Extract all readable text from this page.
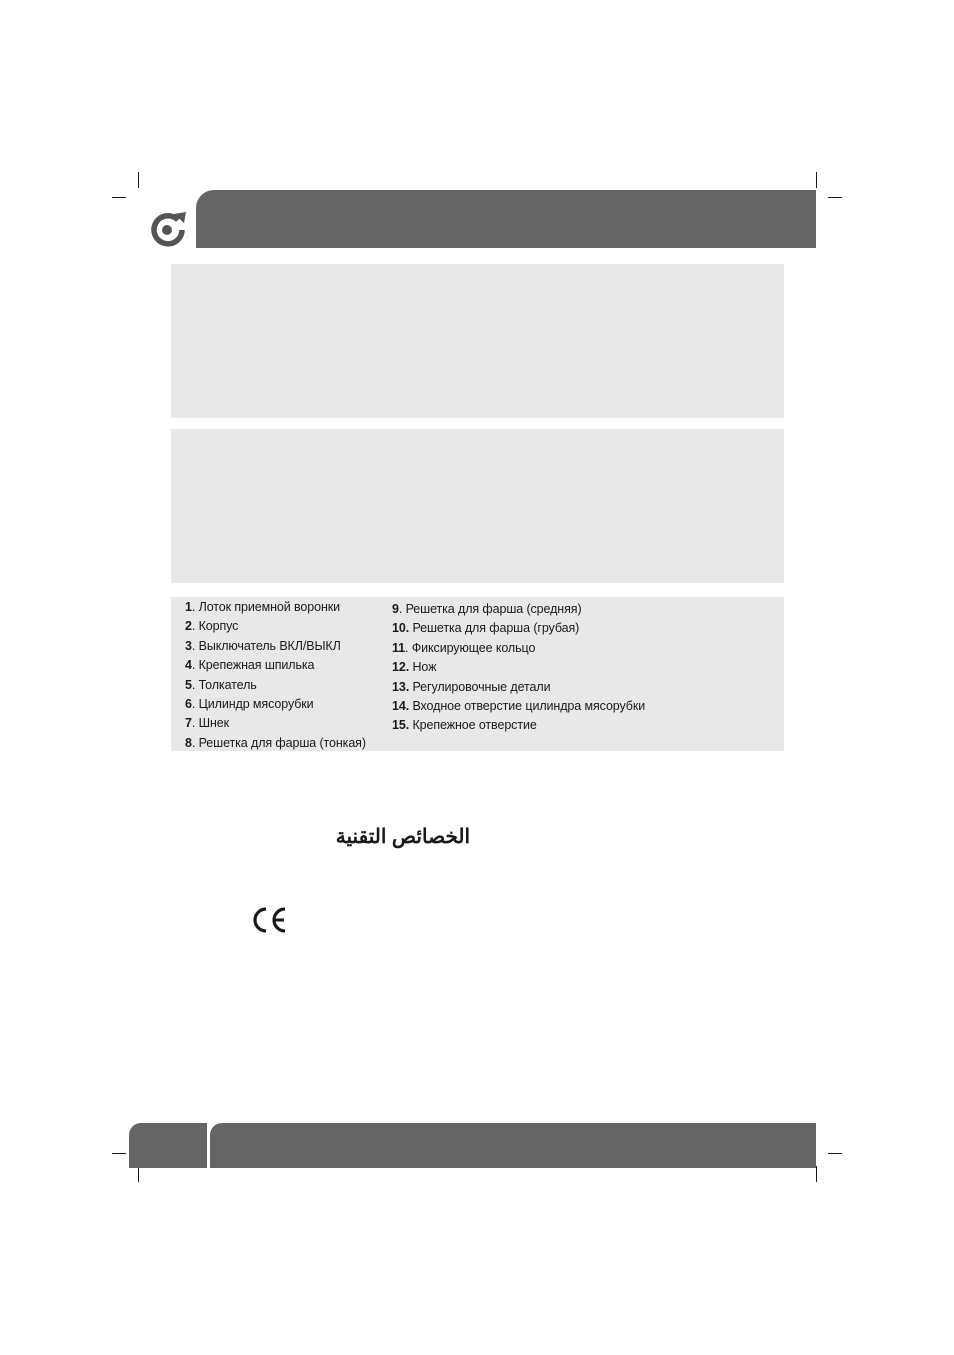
1. Лоток приемной воронки
2. Корпус
3. Выключатель ВКЛ/ВЫКЛ
4. Крепежная шпилька
5. Толкатель
6. Цилиндр мясорубки
7. Шнек
8. Решетка для фарша (тонкая)
9. Решетка для фарша (средняя)
10. Решетка для фарша (грубая)
11. Фиксирующее кольцо
12. Нож
13. Регулировочные детали
14. Входное отверстие цилиндра мясорубки
15. Крепежное отверстие
الخصائص التقنية
